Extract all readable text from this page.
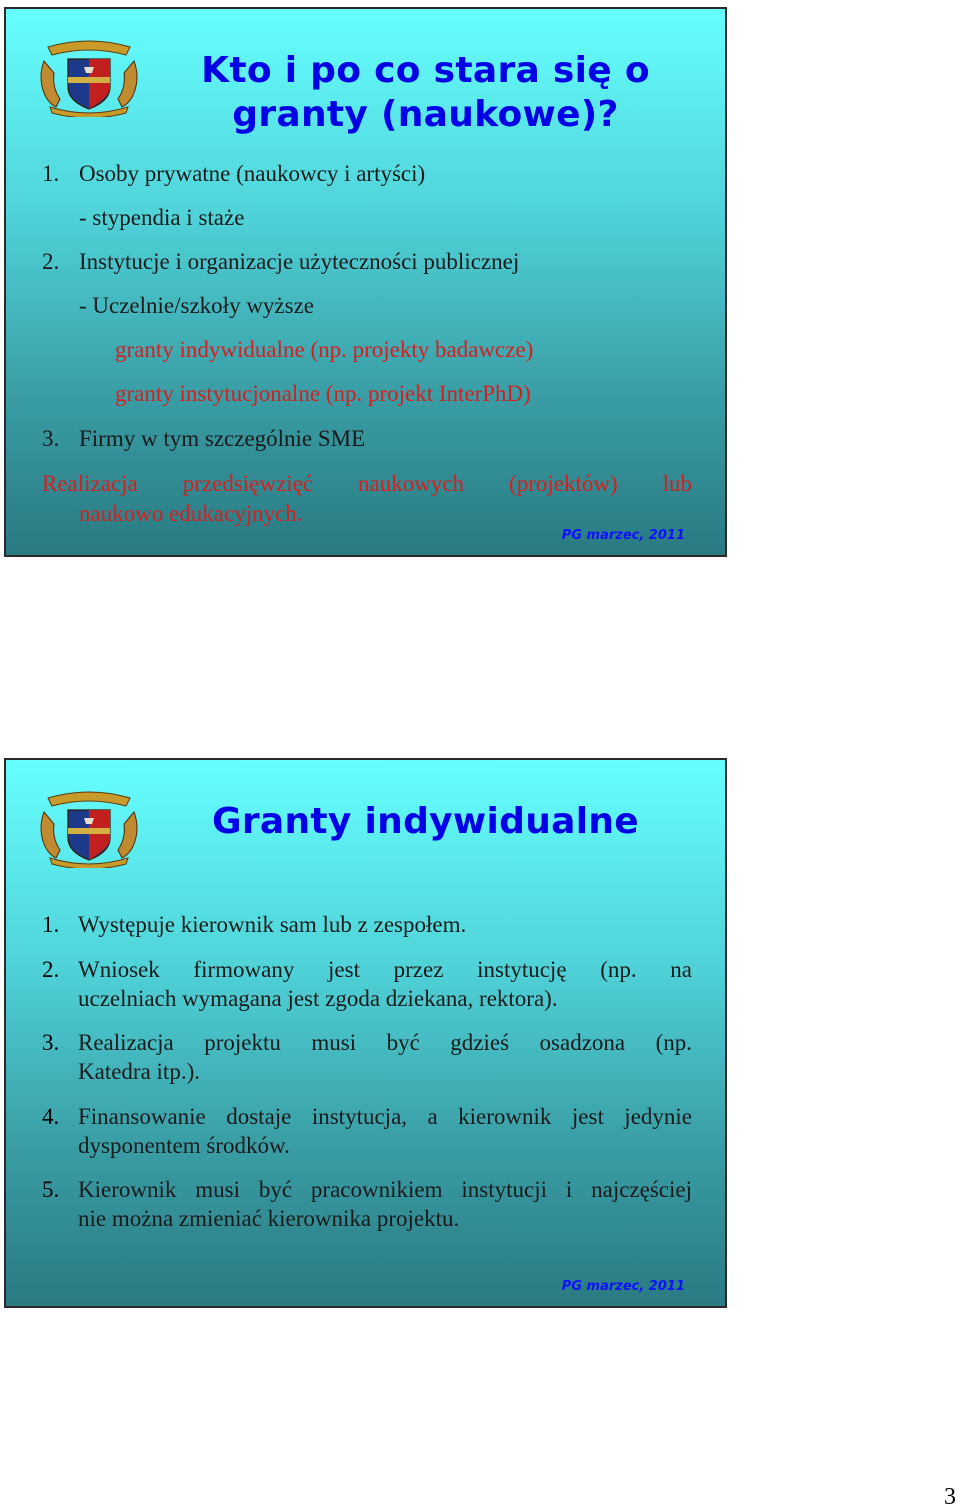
Kto i po co stara się o
granty (naukowe)?
1. Osoby prywatne (naukowcy i artyści)
- stypendia i staże
2. Instytucje i organizacje użyteczności publicznej
- Uczelnie/szkoły wyższe
granty indywidualne (np. projekty badawcze)
granty instytucjonalne (np. projekt InterPhD)
3. Firmy w tym szczególnie SME
Realizacja przedsięwzięć naukowych (projektów) lub
naukowo edukacyjnych.
PG marzec, 2011
Granty indywidualne
1. Występuje kierownik sam lub z zespołem.
2. Wniosek firmowany jest przez instytucję (np. na
uczelniach wymagana jest zgoda dziekana, rektora).
3. Realizacja projektu musi być gdzieś osadzona (np.
Katedra itp.).
4. Finansowanie dostaje instytucja, a kierownik jest jedynie
dysponentem środków.
5. Kierownik musi być pracownikiem instytucji i najczęściej
nie można zmieniać kierownika projektu.
PG marzec, 2011
3
